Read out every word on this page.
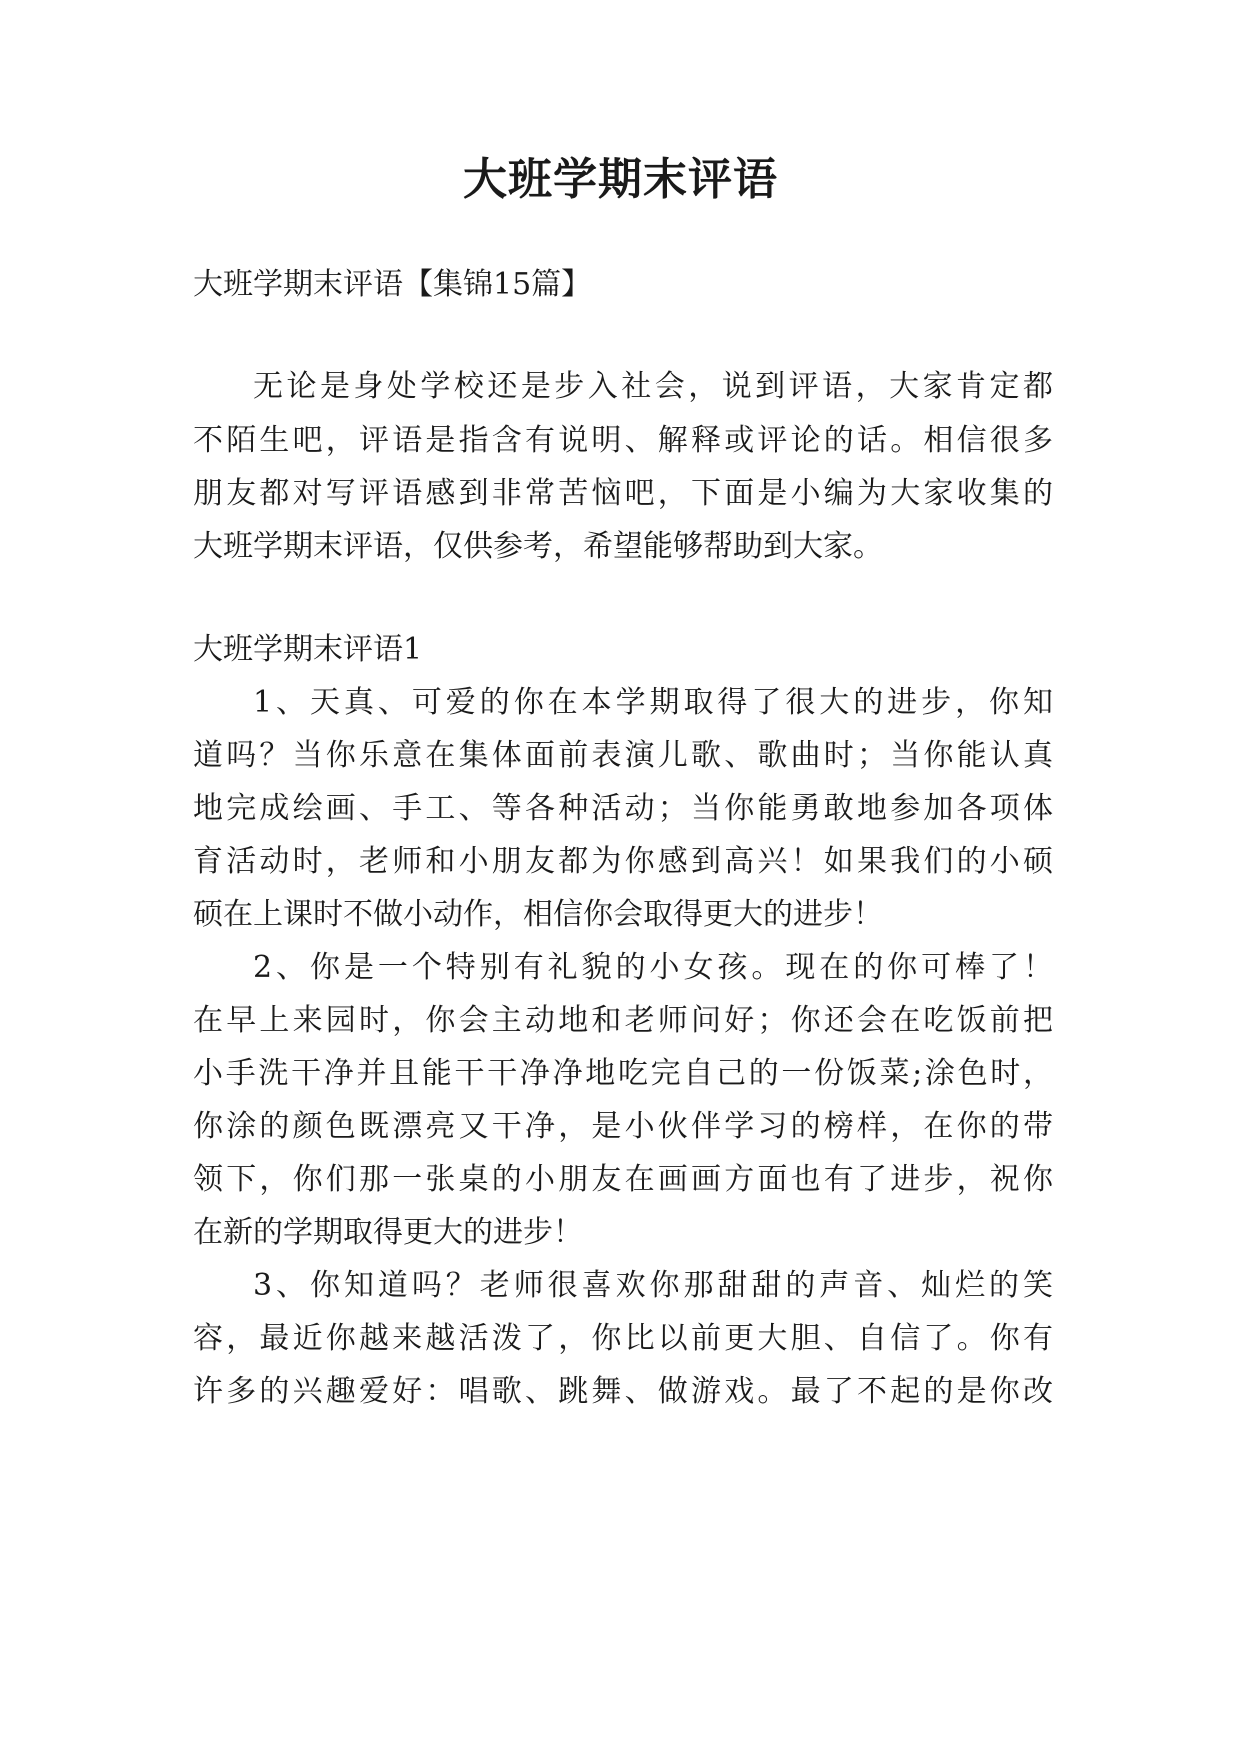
大班学期末评语

大班学期末评语【集锦15篇】

无论是身处学校还是步入社会，说到评语，大家肯定都

不陌生吧，评语是指含有说明、解释或评论的话。相信很多

朋友都对写评语感到非常苦恼吧，下面是小编为大家收集的

大班学期末评语，仅供参考，希望能够帮助到大家。

大班学期末评语1

1、天真、可爱的你在本学期取得了很大的进步，你知

道吗？当你乐意在集体面前表演儿歌、歌曲时；当你能认真

地完成绘画、手工、等各种活动；当你能勇敢地参加各项体

育活动时，老师和小朋友都为你感到高兴！如果我们的小硕

硕在上课时不做小动作，相信你会取得更大的进步！

2、你是一个特别有礼貌的小女孩。现在的你可棒了！

在早上来园时，你会主动地和老师问好；你还会在吃饭前把

小手洗干净并且能干干净净地吃完自己的一份饭菜;涂色时，

你涂的颜色既漂亮又干净，是小伙伴学习的榜样，在你的带

领下，你们那一张桌的小朋友在画画方面也有了进步，祝你

在新的学期取得更大的进步！

3、你知道吗？老师很喜欢你那甜甜的声音、灿烂的笑

容，最近你越来越活泼了，你比以前更大胆、自信了。你有

许多的兴趣爱好：唱歌、跳舞、做游戏。最了不起的是你改
